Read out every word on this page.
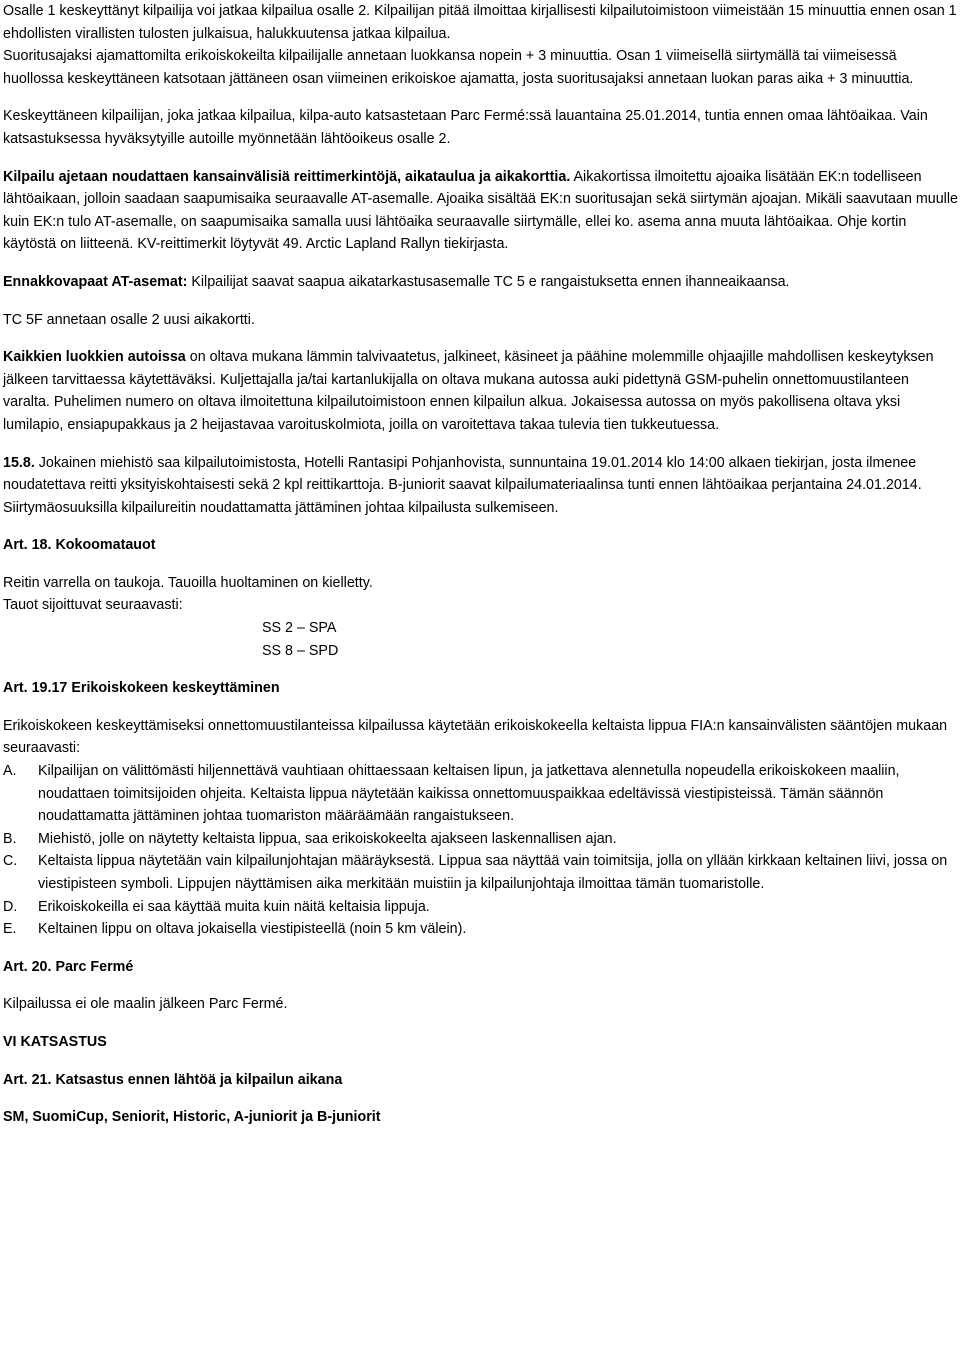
Osalle 1 keskeyttänyt kilpailija voi jatkaa kilpailua osalle 2. Kilpailijan pitää ilmoittaa kirjallisesti kilpailutoimistoon viimeistään 15 minuuttia ennen osan 1 ehdollisten virallisten tulosten julkaisua, halukkuutensa jatkaa kilpailua.

Suoritusajaksi ajamattomilta erikoiskokeilta kilpailijalle annetaan luokkansa nopein + 3 minuuttia. Osan 1 viimeisellä siirtymällä tai viimeisessä huollossa keskeyttäneen katsotaan jättäneen osan viimeinen erikoiskoe ajamatta, josta suoritusajaksi annetaan luokan paras aika + 3 minuuttia.

Keskeyttäneen kilpailijan, joka jatkaa kilpailua, kilpa-auto katsastetaan Parc Fermé:ssä lauantaina 25.01.2014, tuntia ennen omaa lähtöaikaa. Vain katsastuksessa hyväksytyille autoille myönnetään lähtöoikeus osalle 2.

Kilpailu ajetaan noudattaen kansainvälisiä reittimerkintöjä, aikataulua ja aikakorttia. Aikakortissa ilmoitettu ajoaika lisätään EK:n todelliseen lähtöaikaan, jolloin saadaan saapumisaika seuraavalle AT-asemalle. Ajoaika sisältää EK:n suoritusajan sekä siirtymän ajoajan. Mikäli saavutaan muulle kuin EK:n tulo AT-asemalle, on saapumisaika samalla uusi lähtöaika seuraavalle siirtymälle, ellei ko. asema anna muuta lähtöaikaa. Ohje kortin käytöstä on liitteenä. KV-reittimerkit löytyvät 49. Arctic Lapland Rallyn tiekirjasta.

Ennakkovapaat AT-asemat: Kilpailijat saavat saapua aikatarkastusasemalle TC 5 e rangaistuksetta ennen ihanneaikaansa.

TC 5F annetaan osalle 2 uusi aikakortti.

Kaikkien luokkien autoissa on oltava mukana lämmin talvivaatetus, jalkineet, käsineet ja päähine molemmille ohjaajille mahdollisen keskeytyksen jälkeen tarvittaessa käytettäväksi. Kuljettajalla ja/tai kartanlukijalla on oltava mukana autossa auki pidettynä GSM-puhelin onnettomuustilanteen varalta. Puhelimen numero on oltava ilmoitettuna kilpailutoimistoon ennen kilpailun alkua. Jokaisessa autossa on myös pakollisena oltava yksi lumilapio, ensiapupakkaus ja 2 heijastavaa varoituskolmiota, joilla on varoitettava takaa tulevia tien tukkeutuessa.

15.8. Jokainen miehistö saa kilpailutoimistosta, Hotelli Rantasipi Pohjanhovista, sunnuntaina 19.01.2014 klo 14:00 alkaen tiekirjan, josta ilmenee noudatettava reitti yksityiskohtaisesti sekä 2 kpl reittikarttoja. B-juniorit saavat kilpailumateriaalinsa tunti ennen lähtöaikaa perjantaina 24.01.2014. Siirtymäosuuksilla kilpailureitin noudattamatta jättäminen johtaa kilpailusta sulkemiseen.

Art. 18. Kokoomatauot

Reitin varrella on taukoja. Tauoilla huoltaminen on kielletty.

Tauot sijoittuvat seuraavasti:

SS 2 – SPA

SS 8 – SPD

Art. 19.17 Erikoiskokeen keskeyttäminen

Erikoiskokeen keskeyttämiseksi onnettomuustilanteissa kilpailussa käytetään erikoiskokeella keltaista lippua FIA:n kansainvälisten sääntöjen mukaan seuraavasti:

A. Kilpailijan on välittömästi hiljennettävä vauhtiaan ohittaessaan keltaisen lipun, ja jatkettava alennetulla nopeudella erikoiskokeen maaliin, noudattaen toimitsijoiden ohjeita. Keltaista lippua näytetään kaikissa onnettomuuspaikkaa edeltävissä viestipisteissä. Tämän säännön noudattamatta jättäminen johtaa tuomariston määräämään rangaistukseen.
B. Miehistö, jolle on näytetty keltaista lippua, saa erikoiskokeelta ajakseen laskennallisen ajan.
C. Keltaista lippua näytetään vain kilpailunjohtajan määräyksestä. Lippua saa näyttää vain toimitsija, jolla on yllään kirkkaan keltainen liivi, jossa on viestipisteen symboli. Lippujen näyttämisen aika merkitään muistiin ja kilpailunjohtaja ilmoittaa tämän tuomaristolle.
D. Erikoiskokeilla ei saa käyttää muita kuin näitä keltaisia lippuja.
E. Keltainen lippu on oltava jokaisella viestipisteellä (noin 5 km välein).

Art. 20. Parc Fermé

Kilpailussa ei ole maalin jälkeen Parc Fermé.

VI KATSASTUS

Art. 21. Katsastus ennen lähtöä ja kilpailun aikana

SM, SuomiCup, Seniorit, Historic, A-juniorit ja B-juniorit
